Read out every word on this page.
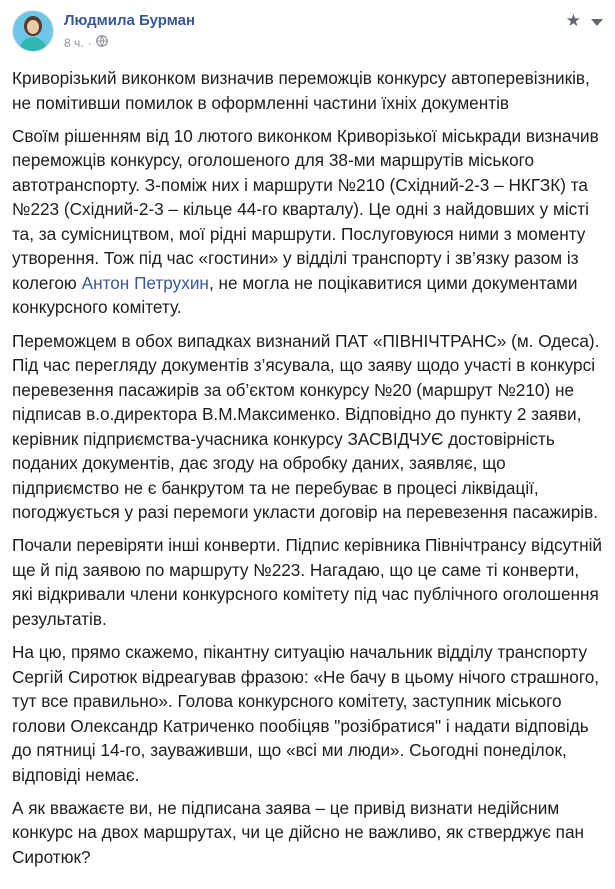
Людмила Бурман
8 ч. ·
★

Криворізький виконком визначив переможців конкурсу автоперевізників, не помітивши помилок в оформленні частини їхніх документів

Своїм рішенням від 10 лютого виконком Криворізької міськради визначив переможців конкурсу, оголошеного для 38-ми маршрутів міського автотранспорту. З-поміж них і маршрути №210 (Східний-2-3 – НКГЗК) та №223 (Східний-2-3 – кільце 44-го кварталу). Це одні з найдовших у місті та, за сумісництвом, мої рідні маршрути. Послуговуюся ними з моменту утворення. Тож під час «гостини» у відділі транспорту і зв’язку разом із колегою Антон Петрухин, не могла не поцікавитися цими документами конкурсного комітету.

Переможцем в обох випадках визнаний ПАТ «ПІВНІЧТРАНС» (м. Одеса). Під час перегляду документів з’ясувала, що заяву щодо участі в конкурсі перевезення пасажирів за об’єктом конкурсу №20 (маршрут №210) не підписав в.о.директора В.М.Максименко. Відповідно до пункту 2 заяви, керівник підприємства-учасника конкурсу ЗАСВІДЧУЄ достовірність поданих документів, дає згоду на обробку даних, заявляє, що підприємство не є банкрутом та не перебуває в процесі ліквідації, погоджується у разі перемоги укласти договір на перевезення пасажирів.

Почали перевіряти інші конверти. Підпис керівника Північтрансу відсутній ще й під заявою по маршруту №223. Нагадаю, що це саме ті конверти, які відкривали члени конкурсного комітету під час публічного оголошення результатів.

На цю, прямо скажемо, пікантну ситуацію начальник відділу транспорту Сергій Сиротюк відреагував фразою: «Не бачу в цьому нічого страшного, тут все правильно». Голова конкурсного комітету, заступник міського голови Олександр Катриченко пообіцяв "розібратися" і надати відповідь до пятниці 14-го, зауваживши, що «всі ми люди». Сьогодні понеділок, відповіді немає.

А як вважаєте ви, не підписана заява – це привід визнати недійсним конкурс на двох маршрутах, чи це дійсно не важливо, як стверджує пан Сиротюк?
